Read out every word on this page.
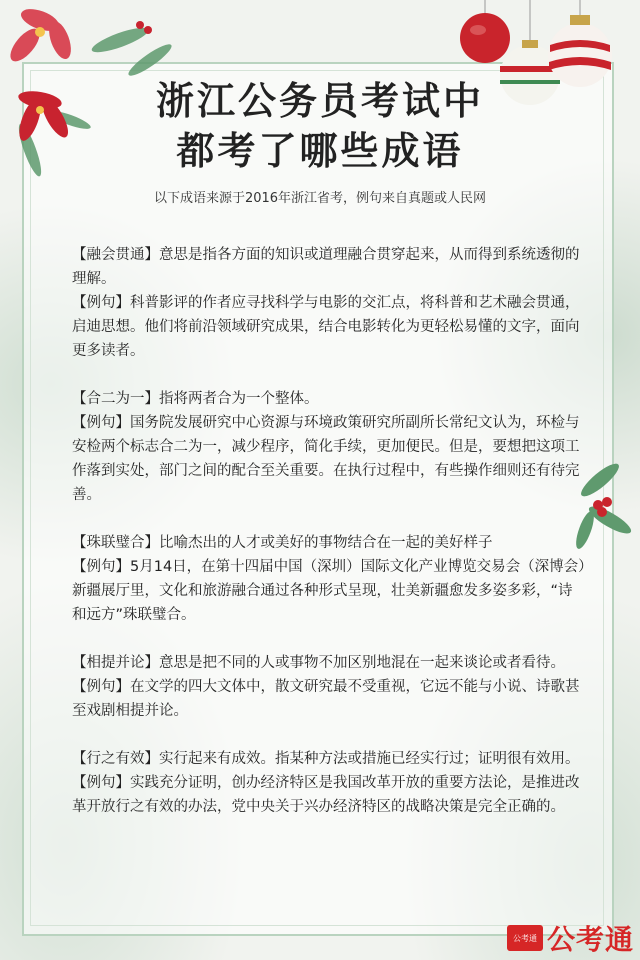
浙江公务员考试中
都考了哪些成语
以下成语来源于2016年浙江省考，例句来自真题或人民网

【融会贯通】意思是指各方面的知识或道理融合贯穿起来，从而得到系统透彻的理解。

【例句】科普影评的作者应寻找科学与电影的交汇点，将科普和艺术融会贯通，启迪思想。他们将前沿领域研究成果，结合电影转化为更轻松易懂的文字，面向更多读者。

【合二为一】指将两者合为一个整体。

【例句】国务院发展研究中心资源与环境政策研究所副所长常纪文认为，环检与安检两个标志合二为一，减少程序，简化手续，更加便民。但是，要想把这项工作落到实处，部门之间的配合至关重要。在执行过程中，有些操作细则还有待完善。

【珠联璧合】比喻杰出的人才或美好的事物结合在一起的美好样子

【例句】5月14日，在第十四届中国（深圳）国际文化产业博览交易会（深博会）新疆展厅里，文化和旅游融合通过各种形式呈现，壮美新疆愈发多姿多彩，“诗和远方”珠联璧合。

【相提并论】意思是把不同的人或事物不加区别地混在一起来谈论或者看待。

【例句】在文学的四大文体中，散文研究最不受重视，它远不能与小说、诗歌甚至戏剧相提并论。

【行之有效】实行起来有成效。指某种方法或措施已经实行过；证明很有效用。

【例句】实践充分证明，创办经济特区是我国改革开放的重要方法论，是推进改革开放行之有效的办法，党中央关于兴办经济特区的战略决策是完全正确的。

公考通 公考通
